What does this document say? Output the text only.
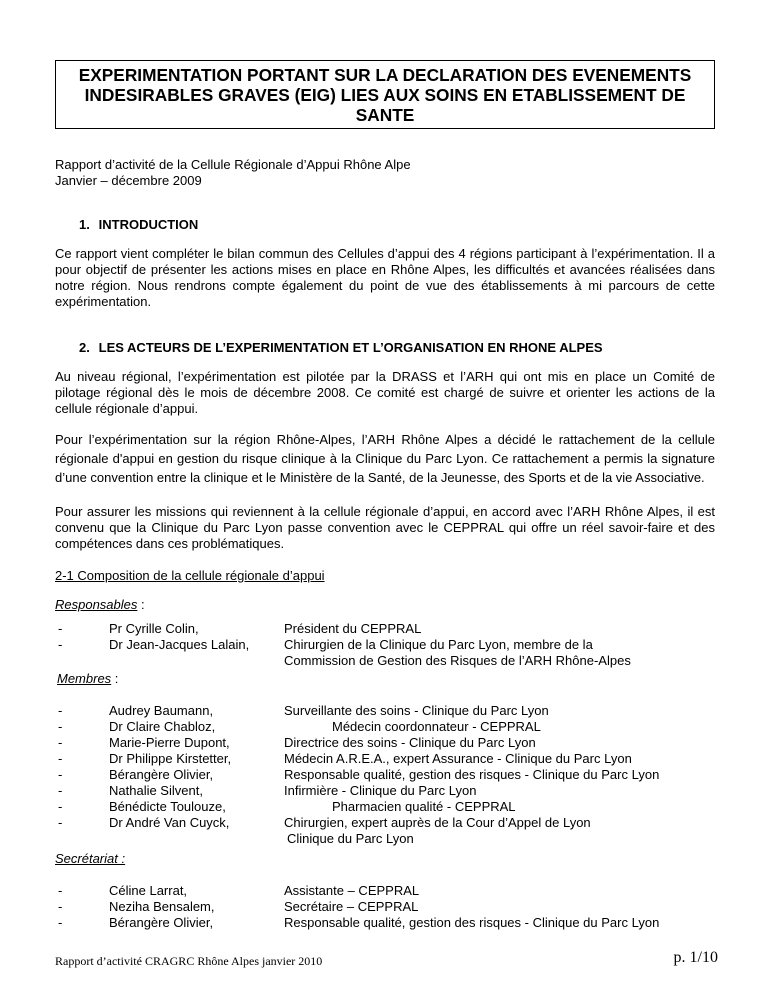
EXPERIMENTATION PORTANT SUR LA DECLARATION DES EVENEMENTS INDESIRABLES GRAVES (EIG) LIES AUX SOINS EN ETABLISSEMENT DE SANTE
Rapport d’activité de la Cellule Régionale d’Appui Rhône Alpe
Janvier – décembre 2009
1. INTRODUCTION

Ce rapport vient compléter le bilan commun des Cellules d’appui des 4 régions participant à l’expérimentation. Il a pour objectif de présenter les actions mises en place en Rhône Alpes, les difficultés et avancées réalisées dans notre région. Nous rendrons compte également du point de vue des établissements à mi parcours de cette expérimentation.

2. LES ACTEURS DE L’EXPERIMENTATION ET L’ORGANISATION EN RHONE ALPES

Au niveau régional, l’expérimentation est pilotée par la DRASS et l’ARH qui ont mis en place un Comité de pilotage régional dès le mois de décembre 2008. Ce comité est chargé de suivre et orienter les actions de la cellule régionale d’appui.

Pour l’expérimentation sur la région Rhône-Alpes, l’ARH Rhône Alpes a décidé le rattachement de la cellule régionale d'appui en gestion du risque clinique à la Clinique du Parc Lyon. Ce rattachement a permis la signature d’une convention entre la clinique et le Ministère de la Santé, de la Jeunesse, des Sports et de la vie Associative.

Pour assurer les missions qui reviennent à la cellule régionale d’appui, en accord avec l’ARH Rhône Alpes, il est convenu que la Clinique du Parc Lyon passe convention avec le CEPPRAL qui offre un réel savoir-faire et des compétences dans ces problématiques.

2-1 Composition de la cellule régionale d’appui
Responsables :
-	Pr Cyrille Colin,	Président du CEPPRAL
-	Dr Jean-Jacques Lalain,	Chirurgien de la Clinique du Parc Lyon, membre de la
Commission de Gestion des Risques de l’ARH Rhône-Alpes
Membres :
-	Audrey Baumann,	Surveillante des soins - Clinique du Parc Lyon
-	Dr Claire Chabloz,	Médecin coordonnateur - CEPPRAL
-	Marie-Pierre Dupont,	Directrice des soins - Clinique du Parc Lyon
-	Dr Philippe Kirstetter,	Médecin A.R.E.A., expert Assurance - Clinique du Parc Lyon
-	Bérangère Olivier,	Responsable qualité, gestion des risques - Clinique du Parc Lyon
-	Nathalie Silvent,	Infirmière - Clinique du Parc Lyon
-	Bénédicte Toulouze,	Pharmacien qualité - CEPPRAL
-	Dr André Van Cuyck,	Chirurgien, expert auprès de la Cour d’Appel de Lyon
Clinique du Parc Lyon
Secrétariat :
-	Céline Larrat,	Assistante – CEPPRAL
-	Neziha Bensalem,	Secrétaire – CEPPRAL
-	Bérangère Olivier,	Responsable qualité, gestion des risques - Clinique du Parc Lyon
Rapport d’activité CRAGRC Rhône Alpes janvier 2010	p. 1/10
